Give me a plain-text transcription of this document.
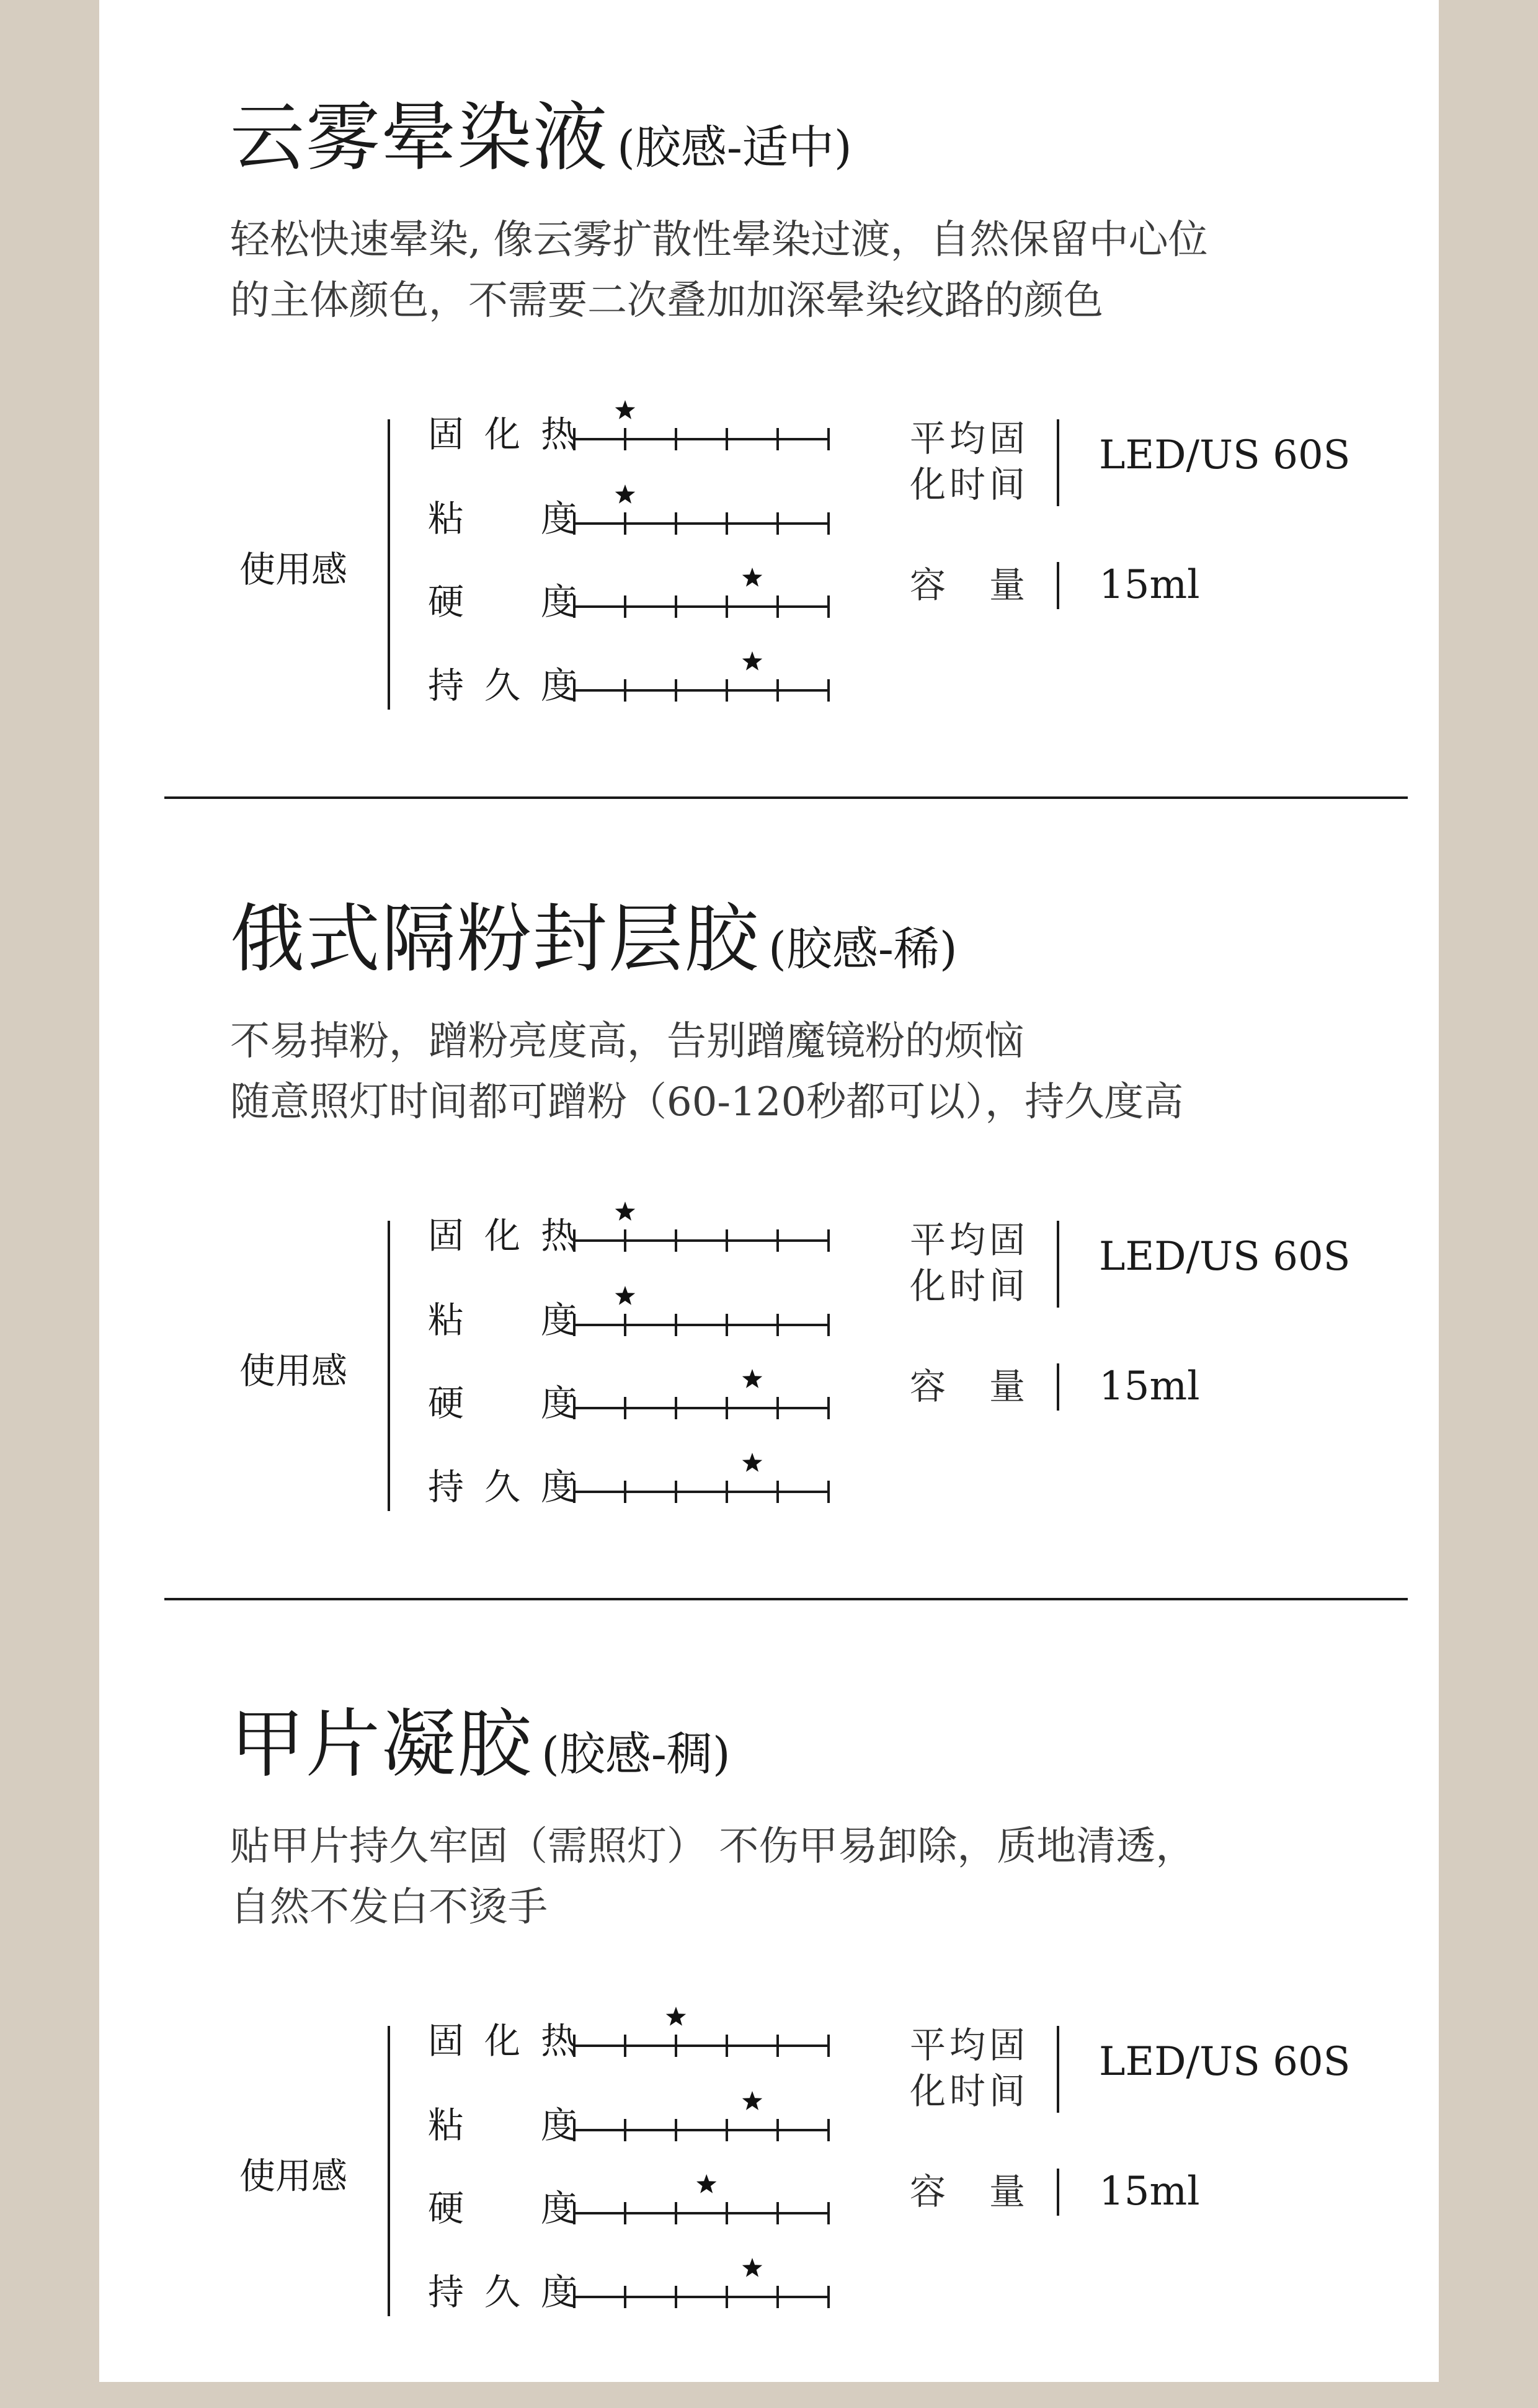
云雾晕染液 (胶感-适中)
轻松快速晕染, 像云雾扩散性晕染过渡，自然保留中心位
的主体颜色，不需要二次叠加加深晕染纹路的颜色
使用感
固化热
粘　度
硬　度
持久度
平均固
化时间
LED/US 60S
容　量 15ml
俄式隔粉封层胶 (胶感-稀)
不易掉粉，蹭粉亮度高，告别蹭魔镜粉的烦恼
随意照灯时间都可蹭粉（60-120秒都可以），持久度高
使用感
固化热
粘　度
硬　度
持久度
平均固
化时间
LED/US 60S
容　量 15ml
甲片凝胶 (胶感-稠)
贴甲片持久牢固（需照灯） 不伤甲易卸除，质地清透，
自然不发白不烫手
使用感
固化热
粘　度
硬　度
持久度
平均固
化时间
LED/US 60S
容　量 15ml
